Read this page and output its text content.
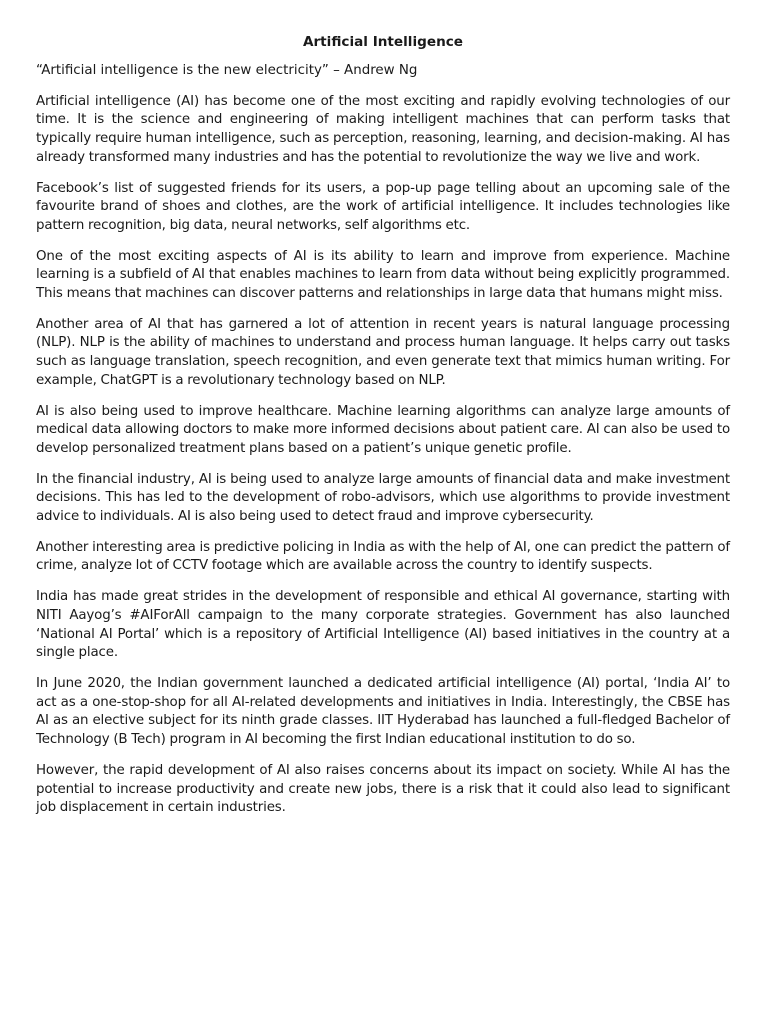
Artificial Intelligence
“Artificial intelligence is the new electricity” – Andrew Ng

Artificial intelligence (AI) has become one of the most exciting and rapidly evolving technologies of our time. It is the science and engineering of making intelligent machines that can perform tasks that typically require human intelligence, such as perception, reasoning, learning, and decision-making. AI has already transformed many industries and has the potential to revolutionize the way we live and work.

Facebook’s list of suggested friends for its users, a pop-up page telling about an upcoming sale of the favourite brand of shoes and clothes, are the work of artificial intelligence. It includes technologies like pattern recognition, big data, neural networks, self algorithms etc.

One of the most exciting aspects of AI is its ability to learn and improve from experience. Machine learning is a subfield of AI that enables machines to learn from data without being explicitly programmed. This means that machines can discover patterns and relationships in large data that humans might miss.

Another area of AI that has garnered a lot of attention in recent years is natural language processing (NLP). NLP is the ability of machines to understand and process human language. It helps carry out tasks such as language translation, speech recognition, and even generate text that mimics human writing. For example, ChatGPT is a revolutionary technology based on NLP.

AI is also being used to improve healthcare. Machine learning algorithms can analyze large amounts of medical data allowing doctors to make more informed decisions about patient care. AI can also be used to develop personalized treatment plans based on a patient’s unique genetic profile.

In the financial industry, AI is being used to analyze large amounts of financial data and make investment decisions. This has led to the development of robo-advisors, which use algorithms to provide investment advice to individuals. AI is also being used to detect fraud and improve cybersecurity.

Another interesting area is predictive policing in India as with the help of AI, one can predict the pattern of crime, analyze lot of CCTV footage which are available across the country to identify suspects.

India has made great strides in the development of responsible and ethical AI governance, starting with NITI Aayog’s #AIForAll campaign to the many corporate strategies. Government has also launched ‘National AI Portal’ which is a repository of Artificial Intelligence (AI) based initiatives in the country at a single place.

In June 2020, the Indian government launched a dedicated artificial intelligence (AI) portal, ‘India AI’ to act as a one-stop-shop for all AI-related developments and initiatives in India. Interestingly, the CBSE has AI as an elective subject for its ninth grade classes. IIT Hyderabad has launched a full-fledged Bachelor of Technology (B Tech) program in AI becoming the first Indian educational institution to do so.

However, the rapid development of AI also raises concerns about its impact on society. While AI has the potential to increase productivity and create new jobs, there is a risk that it could also lead to significant job displacement in certain industries.
